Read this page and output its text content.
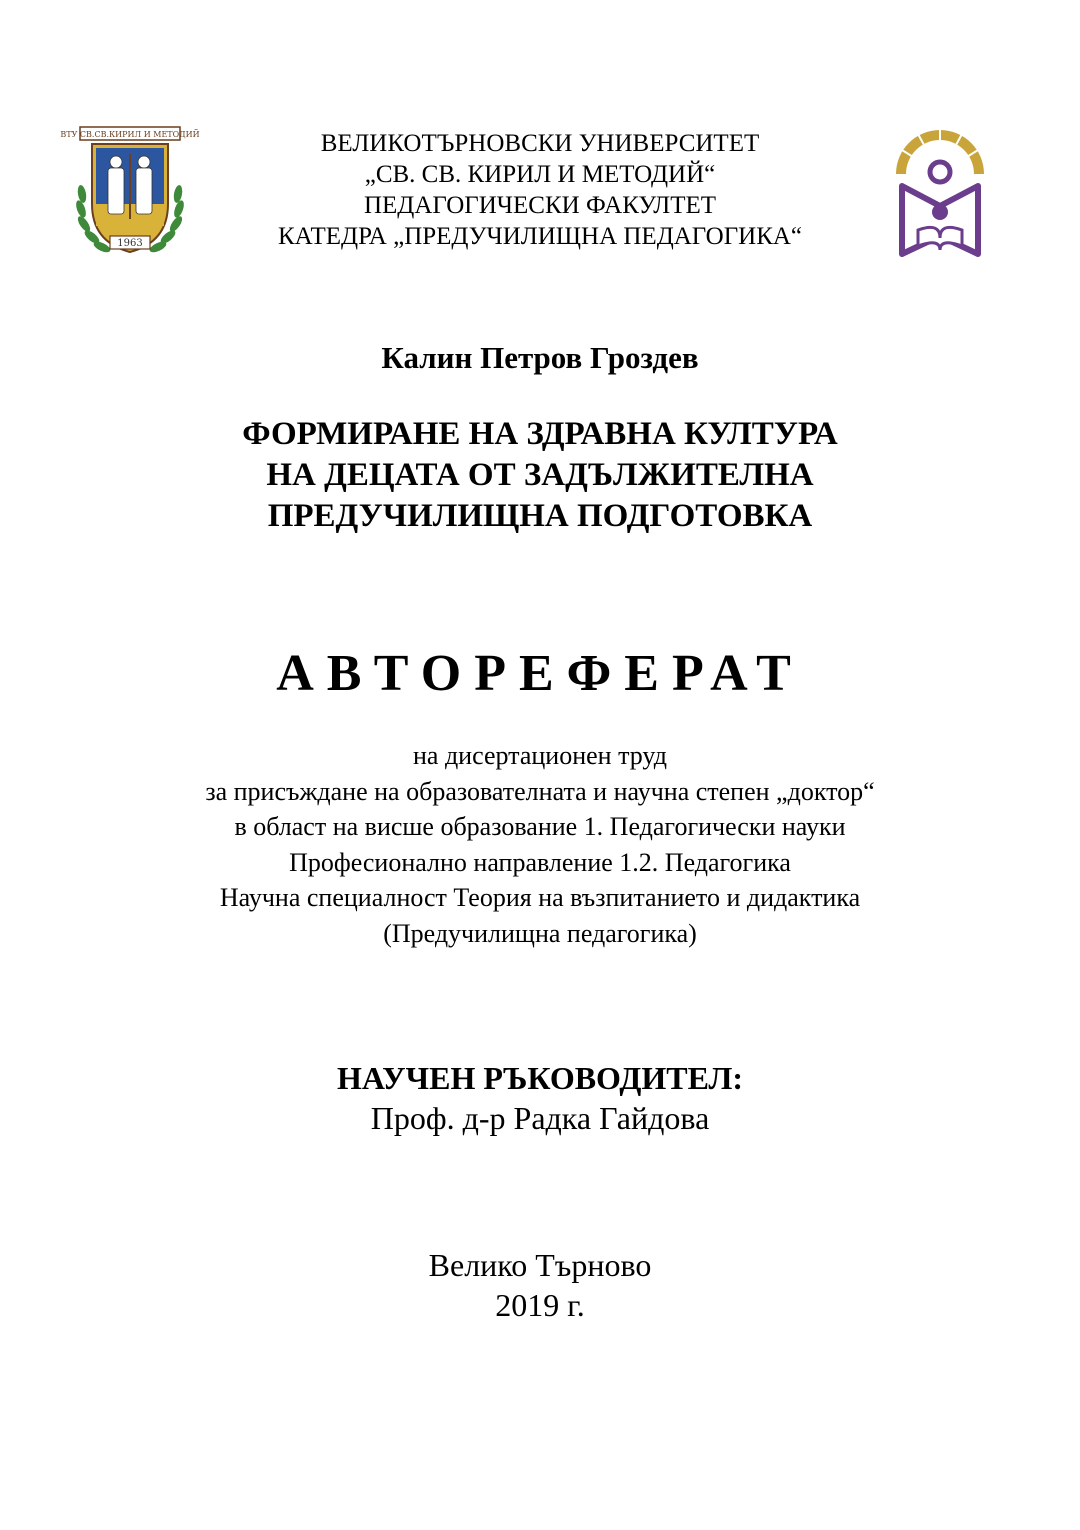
ВТУ СВ.СВ.КИРИЛ И МЕТОДИЙ
1963
ВЕЛИКОТЪРНОВСКИ УНИВЕРСИТЕТ
„СВ. СВ. КИРИЛ И МЕТОДИЙ“
ПЕДАГОГИЧЕСКИ ФАКУЛТЕТ
КАТЕДРА „ПРЕДУЧИЛИЩНА ПЕДАГОГИКА“
Калин Петров Гроздев
ФОРМИРАНЕ НА ЗДРАВНА КУЛТУРА
НА ДЕЦАТА ОТ ЗАДЪЛЖИТЕЛНА
ПРЕДУЧИЛИЩНА ПОДГОТОВКА
АВТОРЕФЕРАТ
на дисертационен труд
за присъждане на образователната и научна степен „доктор“
в област на висше образование 1. Педагогически науки
Професионално направление 1.2. Педагогика
Научна специалност Теория на възпитанието и дидактика
(Предучилищна педагогика)
НАУЧЕН РЪКОВОДИТЕЛ:
Проф. д-р Радка Гайдова
Велико Търново
2019 г.
